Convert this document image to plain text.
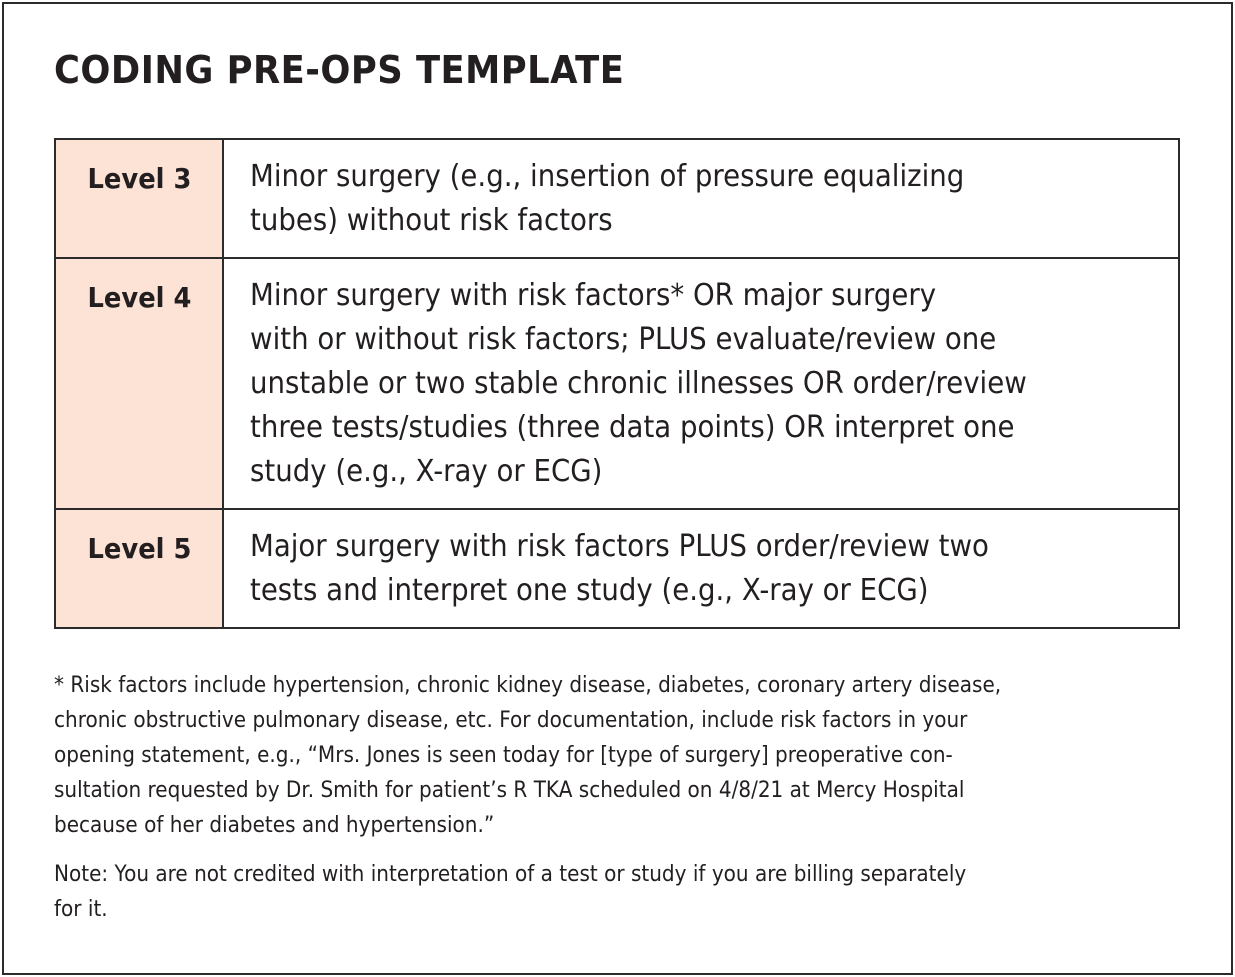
CODING PRE-OPS TEMPLATE
Level 3	Minor surgery (e.g., insertion of pressure equalizing
tubes) without risk factors
Level 4	Minor surgery with risk factors* OR major surgery
with or without risk factors; PLUS evaluate/review one
unstable or two stable chronic illnesses OR order/review
three tests/studies (three data points) OR interpret one
study (e.g., X-ray or ECG)
Level 5	Major surgery with risk factors PLUS order/review two
tests and interpret one study (e.g., X-ray or ECG)
* Risk factors include hypertension, chronic kidney disease, diabetes, coronary artery disease,
chronic obstructive pulmonary disease, etc. For documentation, include risk factors in your
opening statement, e.g., “Mrs. Jones is seen today for [type of surgery] preoperative con-
sultation requested by Dr. Smith for patient’s R TKA scheduled on 4/8/21 at Mercy Hospital
because of her diabetes and hypertension.”
Note: You are not credited with interpretation of a test or study if you are billing separately
for it.
